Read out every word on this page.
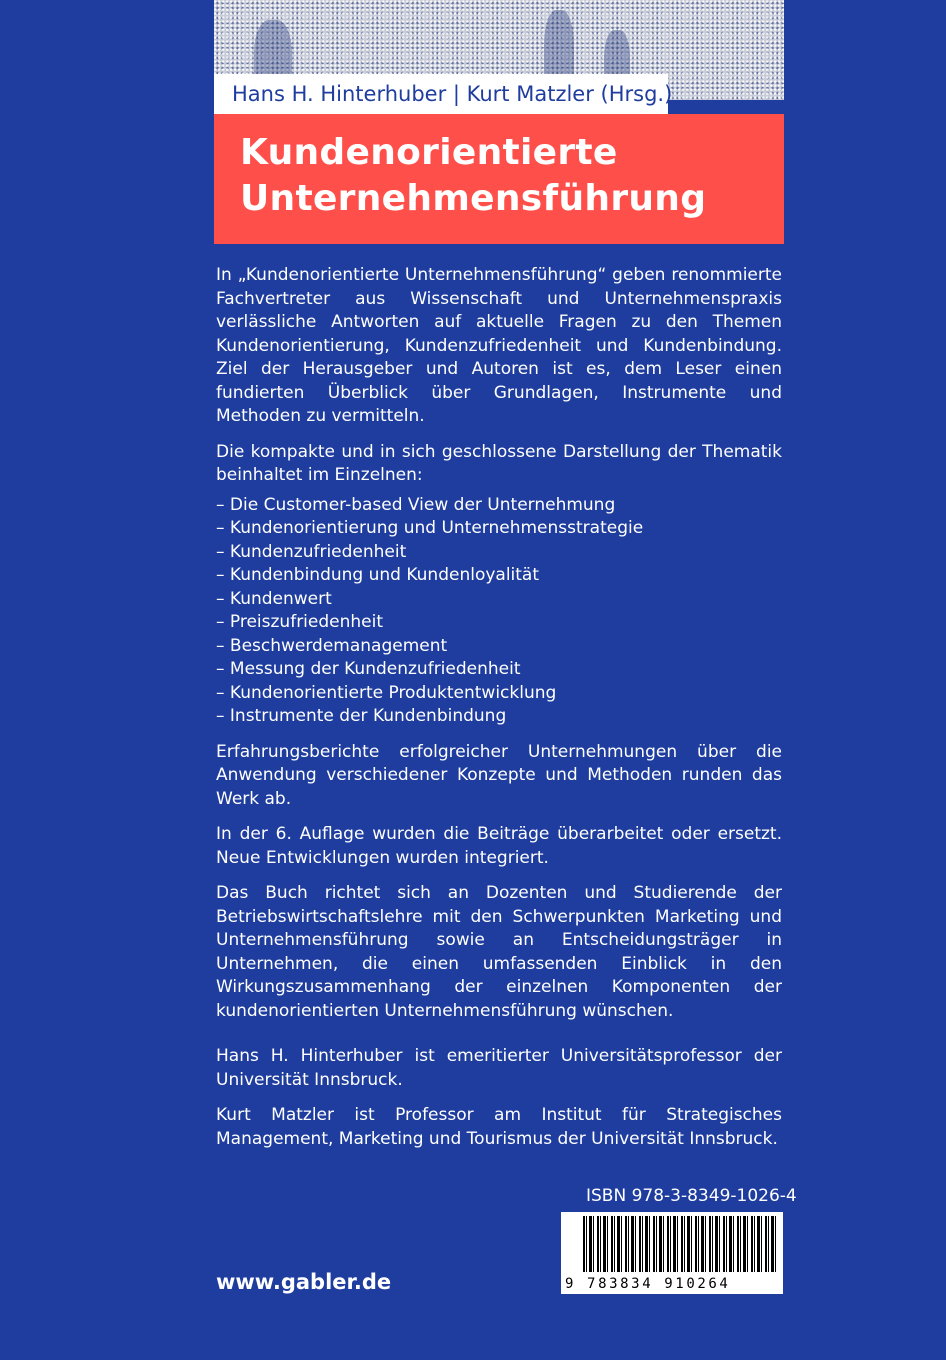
Hans H. Hinterhuber | Kurt Matzler (Hrsg.)
Kundenorientierte
Unternehmensführung

In „Kundenorientierte Unternehmensführung“ geben renommierte Fachvertreter aus Wissenschaft und Unternehmenspraxis verlässliche Antworten auf aktuelle Fragen zu den Themen Kundenorientierung, Kundenzufriedenheit und Kundenbindung. Ziel der Herausgeber und Autoren ist es, dem Leser einen fundierten Überblick über Grundlagen, Instrumente und Methoden zu vermitteln.

Die kompakte und in sich geschlossene Darstellung der Thematik beinhaltet im Einzelnen:

– Die Customer-based View der Unternehmung
– Kundenorientierung und Unternehmensstrategie
– Kundenzufriedenheit
– Kundenbindung und Kundenloyalität
– Kundenwert
– Preiszufriedenheit
– Beschwerdemanagement
– Messung der Kundenzufriedenheit
– Kundenorientierte Produktentwicklung
– Instrumente der Kundenbindung

Erfahrungsberichte erfolgreicher Unternehmungen über die Anwendung verschiedener Konzepte und Methoden runden das Werk ab.

In der 6. Auflage wurden die Beiträge überarbeitet oder ersetzt. Neue Entwicklungen wurden integriert.

Das Buch richtet sich an Dozenten und Studierende der Betriebswirtschaftslehre mit den Schwerpunkten Marketing und Unternehmensführung sowie an Entscheidungsträger in Unternehmen, die einen umfassenden Einblick in den Wirkungszusammenhang der einzelnen Komponenten der kundenorientierten Unternehmensführung wünschen.

Hans H. Hinterhuber ist emeritierter Universitätsprofessor der Universität Innsbruck.

Kurt Matzler ist Professor am Institut für Strategisches Management, Marketing und Tourismus der Universität Innsbruck.

ISBN 978-3-8349-1026-4
9 783834 910264
www.gabler.de
